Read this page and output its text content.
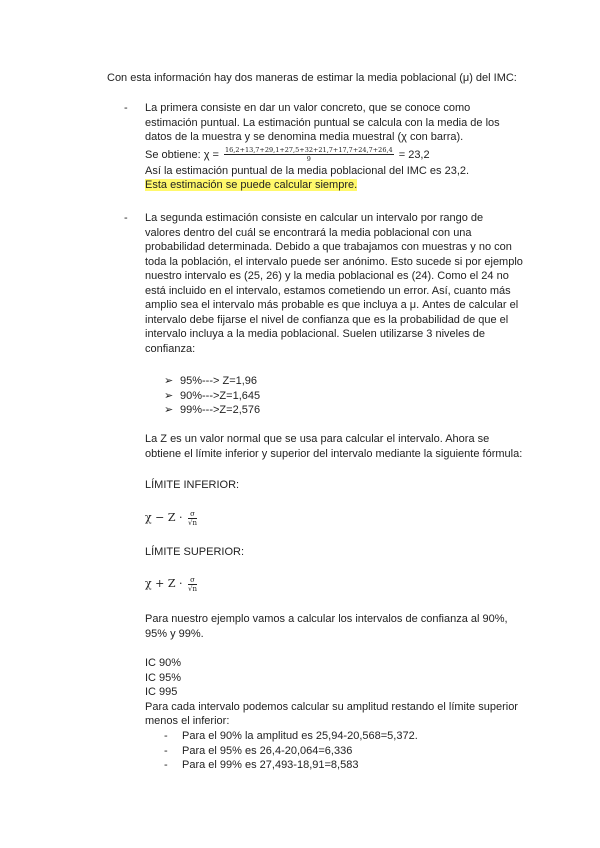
Con esta información hay dos maneras de estimar la media poblacional (μ) del IMC:
- La primera consiste en dar un valor concreto, que se conoce como
estimación puntual. La estimación puntual se calcula con la media de los
datos de la muestra y se denomina media muestral (χ con barra).
Se obtiene: $\chi = \frac{16,2+13,7+29,1+27,5+32+21,7+17,7+24,7+26,4}{9} = 23,2$
Así la estimación puntual de la media poblacional del IMC es 23,2.
Esta estimación se puede calcular siempre.
- La segunda estimación consiste en calcular un intervalo por rango de
valores dentro del cuál se encontrará la media poblacional con una
probabilidad determinada. Debido a que trabajamos con muestras y no con
toda la población, el intervalo puede ser anónimo. Esto sucede si por ejemplo
nuestro intervalo es (25, 26) y la media poblacional es (24). Como el 24 no
está incluido en el intervalo, estamos cometiendo un error. Así, cuanto más
amplio sea el intervalo más probable es que incluya a μ. Antes de calcular el
intervalo debe fijarse el nivel de confianza que es la probabilidad de que el
intervalo incluya a la media poblacional. Suelen utilizarse 3 niveles de
confianza:
➢ 95%---> Z=1,96
➢ 90%--->Z=1,645
➢ 99%--->Z=2,576
La Z es un valor normal que se usa para calcular el intervalo. Ahora se
obtiene el límite inferior y superior del intervalo mediante la siguiente fórmula:
LÍMITE INFERIOR:
$\chi - Z \cdot \frac{\sigma}{√n}$
LÍMITE SUPERIOR:
$\chi + Z \cdot \frac{\sigma}{√n}$
Para nuestro ejemplo vamos a calcular los intervalos de confianza al 90%,
95% y 99%.
IC 90%
IC 95%
IC 995
Para cada intervalo podemos calcular su amplitud restando el límite superior
menos el inferior:
- Para el 90% la amplitud es 25,94-20,568=5,372.
- Para el 95% es 26,4-20,064=6,336
- Para el 99% es 27,493-18,91=8,583
